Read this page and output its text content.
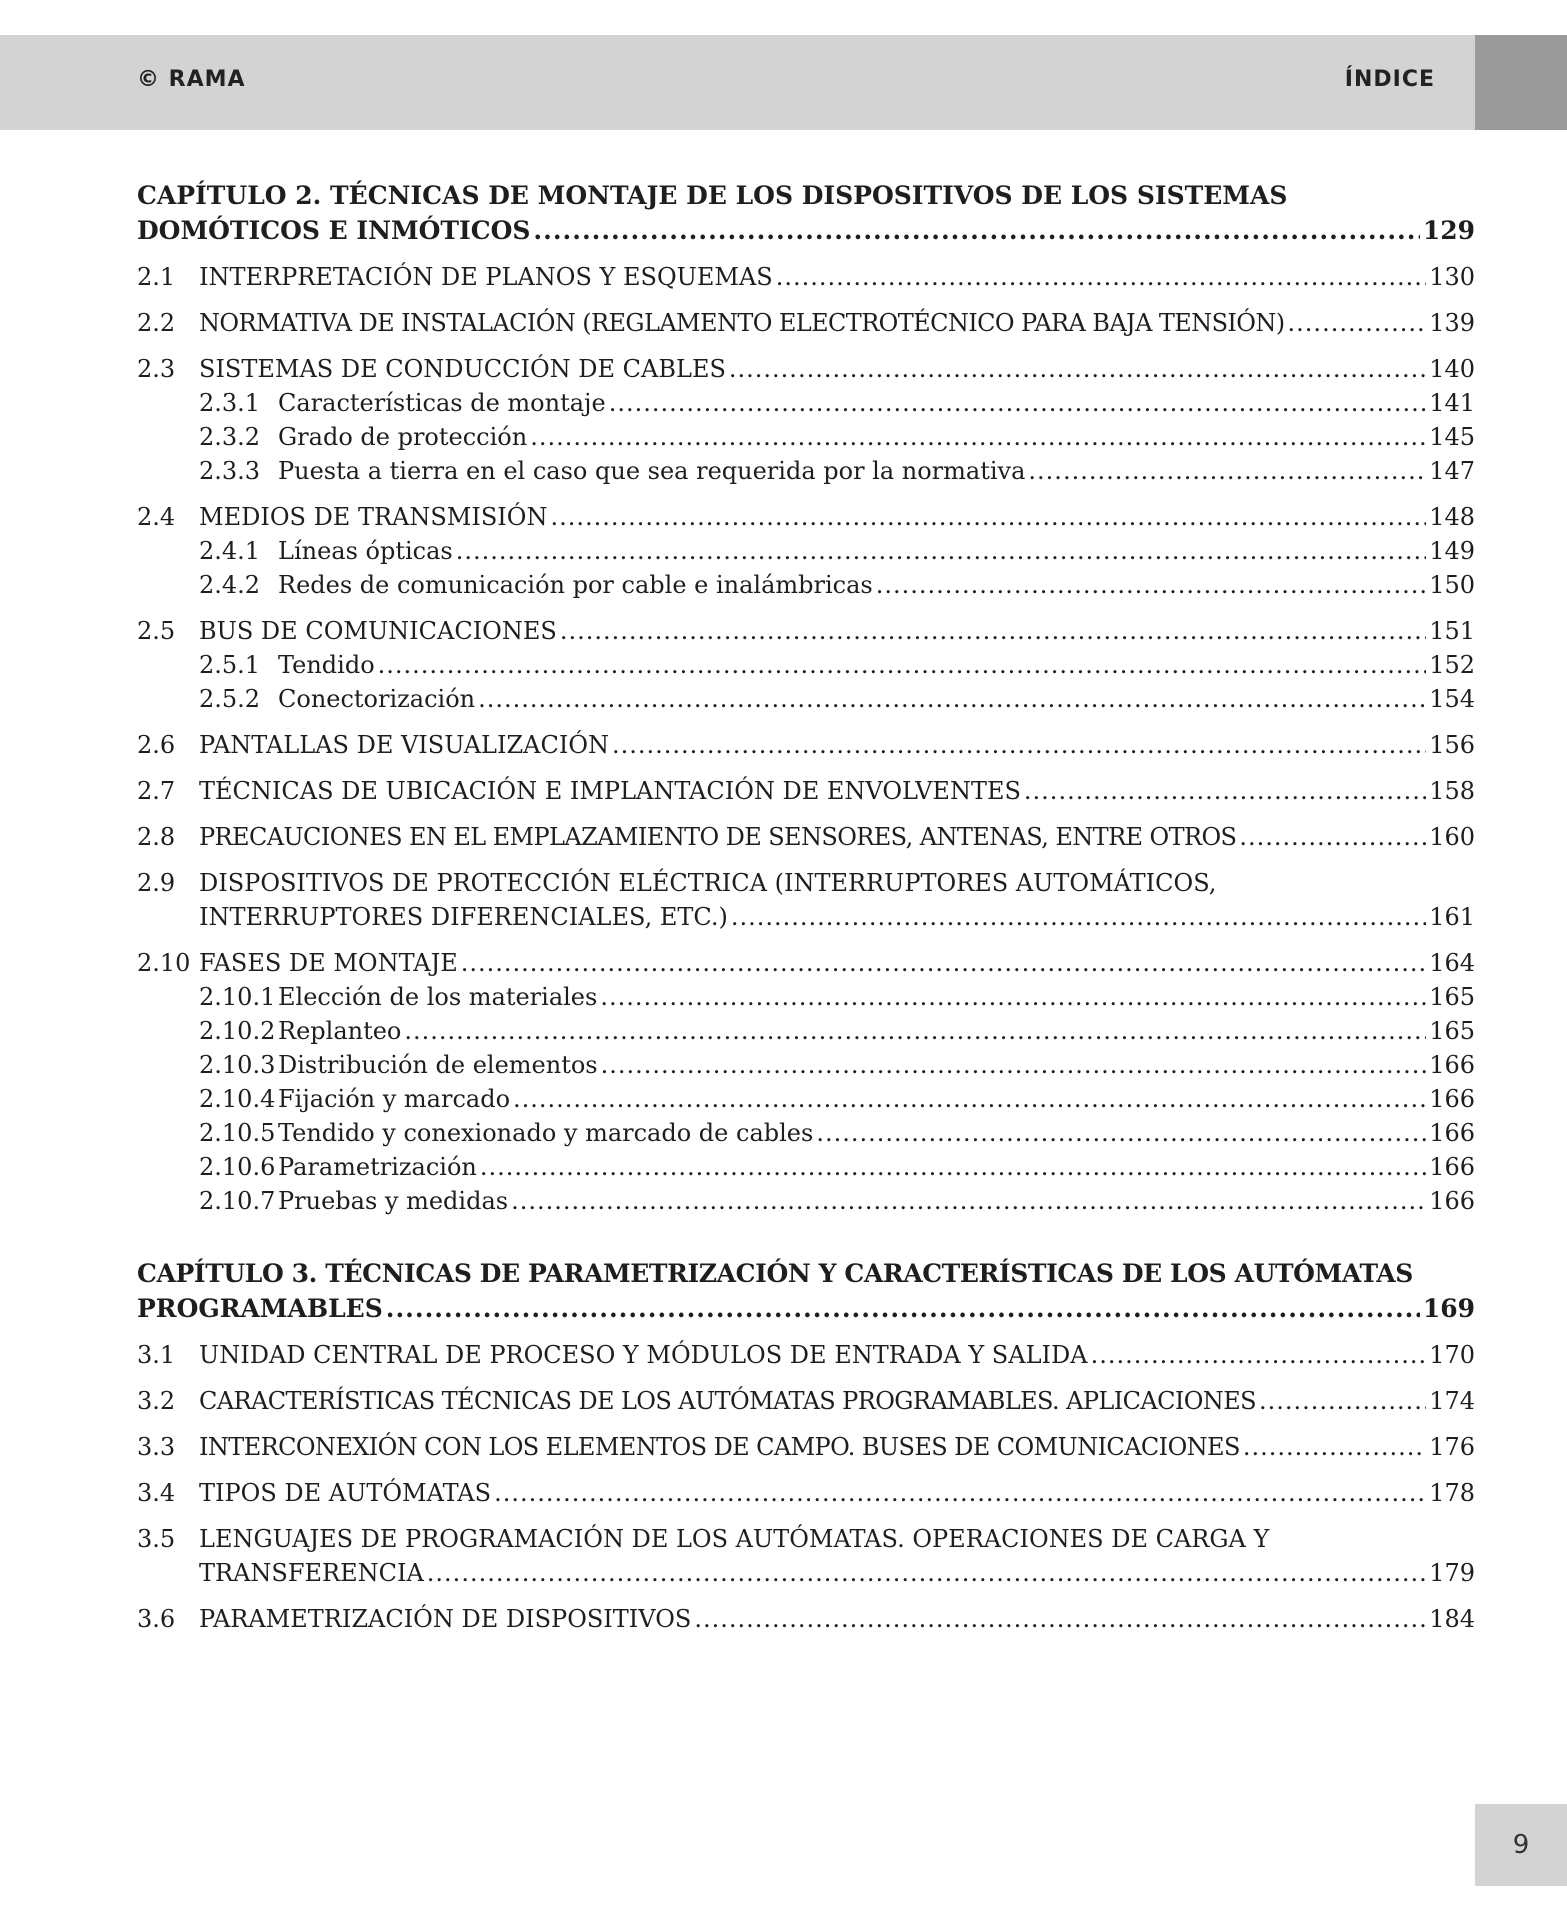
© RAMA	ÍNDICE
CAPÍTULO 2. TÉCNICAS DE MONTAJE DE LOS DISPOSITIVOS DE LOS SISTEMAS
DOMÓTICOS E INMÓTICOS .....	129
2.1 INTERPRETACIÓN DE PLANOS Y ESQUEMAS .....	130
2.2 NORMATIVA DE INSTALACIÓN (REGLAMENTO ELECTROTÉCNICO PARA BAJA TENSIÓN) .....	139
2.3 SISTEMAS DE CONDUCCIÓN DE CABLES .....	140
2.3.1 Características de montaje .....	141
2.3.2 Grado de protección .....	145
2.3.3 Puesta a tierra en el caso que sea requerida por la normativa .....	147
2.4 MEDIOS DE TRANSMISIÓN .....	148
2.4.1 Líneas ópticas .....	149
2.4.2 Redes de comunicación por cable e inalámbricas .....	150
2.5 BUS DE COMUNICACIONES .....	151
2.5.1 Tendido .....	152
2.5.2 Conectorización .....	154
2.6 PANTALLAS DE VISUALIZACIÓN .....	156
2.7 TÉCNICAS DE UBICACIÓN E IMPLANTACIÓN DE ENVOLVENTES .....	158
2.8 PRECAUCIONES EN EL EMPLAZAMIENTO DE SENSORES, ANTENAS, ENTRE OTROS .....	160
2.9 DISPOSITIVOS DE PROTECCIÓN ELÉCTRICA (INTERRUPTORES AUTOMÁTICOS,
INTERRUPTORES DIFERENCIALES, ETC.) .....	161
2.10 FASES DE MONTAJE .....	164
2.10.1 Elección de los materiales .....	165
2.10.2 Replanteo .....	165
2.10.3 Distribución de elementos .....	166
2.10.4 Fijación y marcado .....	166
2.10.5 Tendido y conexionado y marcado de cables .....	166
2.10.6 Parametrización .....	166
2.10.7 Pruebas y medidas .....	166
CAPÍTULO 3. TÉCNICAS DE PARAMETRIZACIÓN Y CARACTERÍSTICAS DE LOS AUTÓMATAS
PROGRAMABLES .....	169
3.1 UNIDAD CENTRAL DE PROCESO Y MÓDULOS DE ENTRADA Y SALIDA .....	170
3.2 CARACTERÍSTICAS TÉCNICAS DE LOS AUTÓMATAS PROGRAMABLES. APLICACIONES .....	174
3.3 INTERCONEXIÓN CON LOS ELEMENTOS DE CAMPO. BUSES DE COMUNICACIONES .....	176
3.4 TIPOS DE AUTÓMATAS .....	178
3.5 LENGUAJES DE PROGRAMACIÓN DE LOS AUTÓMATAS. OPERACIONES DE CARGA Y
TRANSFERENCIA .....	179
3.6 PARAMETRIZACIÓN DE DISPOSITIVOS .....	184
9
